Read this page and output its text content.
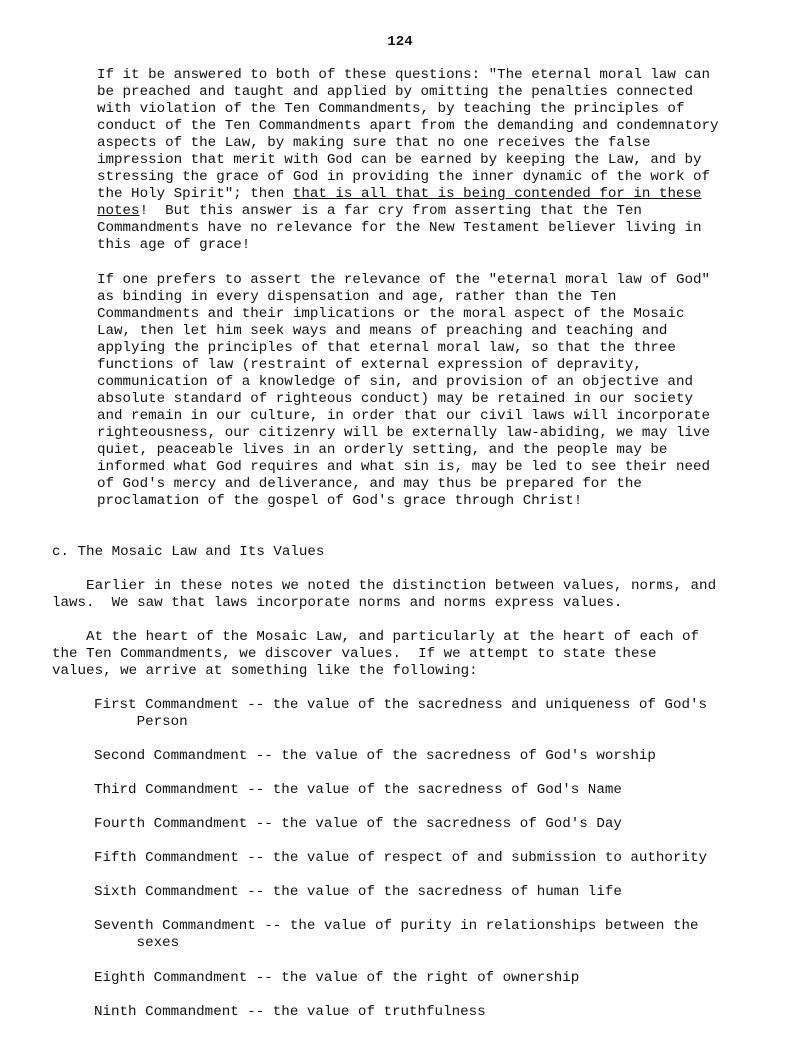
124
If it be answered to both of these questions: "The eternal moral law can
be preached and taught and applied by omitting the penalties connected
with violation of the Ten Commandments, by teaching the principles of
conduct of the Ten Commandments apart from the demanding and condemnatory
aspects of the Law, by making sure that no one receives the false
impression that merit with God can be earned by keeping the Law, and by
stressing the grace of God in providing the inner dynamic of the work of
the Holy Spirit"; then that is all that is being contended for in these
notes!  But this answer is a far cry from asserting that the Ten
Commandments have no relevance for the New Testament believer living in
this age of grace!
If one prefers to assert the relevance of the "eternal moral law of God"
as binding in every dispensation and age, rather than the Ten
Commandments and their implications or the moral aspect of the Mosaic
Law, then let him seek ways and means of preaching and teaching and
applying the principles of that eternal moral law, so that the three
functions of law (restraint of external expression of depravity,
communication of a knowledge of sin, and provision of an objective and
absolute standard of righteous conduct) may be retained in our society
and remain in our culture, in order that our civil laws will incorporate
righteousness, our citizenry will be externally law-abiding, we may live
quiet, peaceable lives in an orderly setting, and the people may be
informed what God requires and what sin is, may be led to see their need
of God's mercy and deliverance, and may thus be prepared for the
proclamation of the gospel of God's grace through Christ!
c. The Mosaic Law and Its Values
Earlier in these notes we noted the distinction between values, norms, and
laws.  We saw that laws incorporate norms and norms express values.
At the heart of the Mosaic Law, and particularly at the heart of each of
the Ten Commandments, we discover values.  If we attempt to state these
values, we arrive at something like the following:
First Commandment -- the value of the sacredness and uniqueness of God's
Person
Second Commandment -- the value of the sacredness of God's worship
Third Commandment -- the value of the sacredness of God's Name
Fourth Commandment -- the value of the sacredness of God's Day
Fifth Commandment -- the value of respect of and submission to authority
Sixth Commandment -- the value of the sacredness of human life
Seventh Commandment -- the value of purity in relationships between the
sexes
Eighth Commandment -- the value of the right of ownership
Ninth Commandment -- the value of truthfulness
